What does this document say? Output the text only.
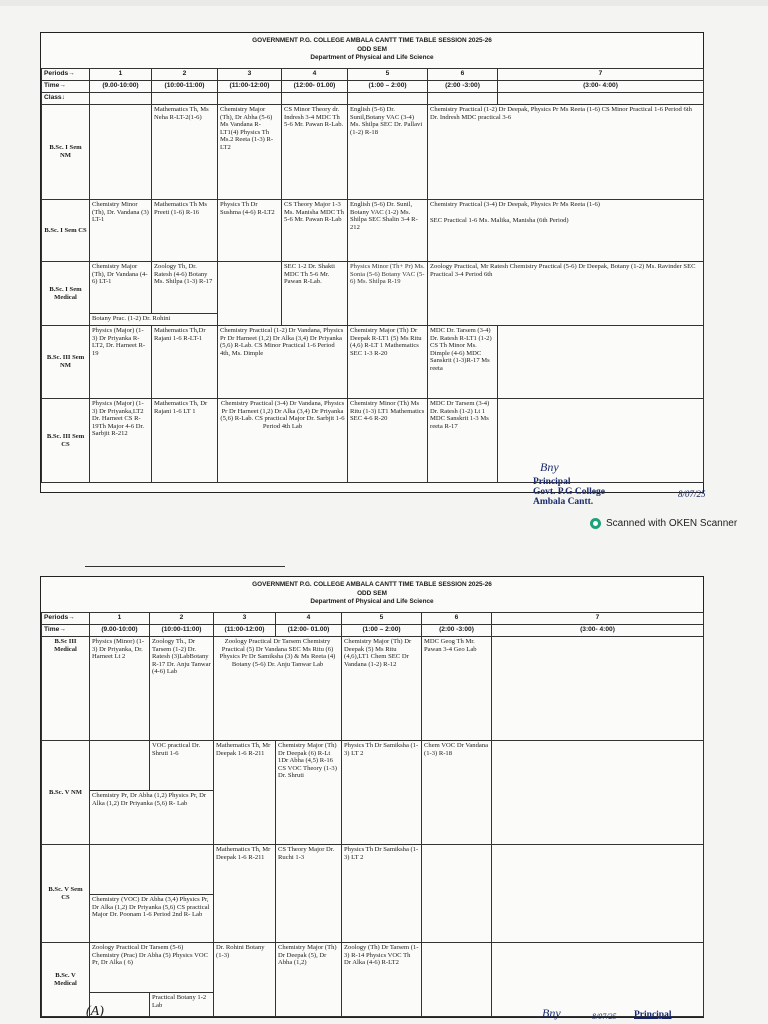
GOVERNMENT P.G. COLLEGE AMBALA CANTT TIME TABLE SESSION 2025-26
ODD SEM
Department of Physical and Life Science
Periods→	1	2	3	4	5	6	7
Time→	(9.00-10:00)	(10:00-11:00)	(11:00-12:00)	(12:00- 01.00)	(1:00 – 2:00)	(2:00 -3:00)	(3:00- 4:00)
Class↓							
B.Sc. I Sem NM		Mathematics Th, Ms Neha R-LT-2(1-6)	Chemistry Major (Th), Dr Abha (5-6) Ms Vandana R-LT1(4) Physics Th Ms.2 Reeta (1-3) R-LT2	CS Minor Theory dr. Indresh 3-4 MDC Th 5-6 Mr. Pawan R-Lab.	English (5-6) Dr. Sunil,Botany VAC (3-4) Ms. Shilpa SEC Dr. Pallavi (1-2) R-18	Chemistry Practical (1-2) Dr Deepak, Physics Pr Ms Reeta (1-6) CS Minor Practical 1-6 Period 6th Dr. Indresh MDC practical 3-6	
B.Sc. I Sem CS	Chemistry Minor (Th), Dr. Vandana (3) LT-1	Mathematics Th Ms Preeti (1-6) R-16	Physics Th Dr Sushma (4-6) R-LT2	CS Theory Major 1-3 Ms. Manisha MDC Th 5-6 Mr. Pawan R-Lab	English (5-6) Dr. Sunil, Botany VAC (1-2) Ms. Shilpa SEC Shalin 3-4 R-212	Chemistry Practical (3-4) Dr Deepak, Physics Pr Ms Reeta (1-6)
SEC Practical 1-6 Ms. Malika, Manisha (6th Period)	

B.Sc. I Sem Medical	Chemistry Major (Th), Dr Vandana (4-6) LT-1	Zoology Th, Dr. Ratesh (4-6) Botany Ms. Shilpa (1-3) R-17		SEC 1-2 Dr. Shakti MDC Th 5-6 Mr. Pawan R-Lab.	Physics Minor (Th+ Pr) Ms. Sonia (5-6) Botany VAC (5-6) Ms. Shilpa R-19	Zoology Practical, Mr Ratesh Chemistry Practical (5-6) Dr Deepak, Botany (1-2) Ms. Ravinder SEC Practical 3-4 Period 6th	
	Botany Prac. (1-2) Dr. Rohini						
B.Sc. III Sem NM	Physics (Major) (1-3) Dr Priyanka R-LT2, Dr. Harneet R-19	Mathematics Th,Dr Rajani 1-6 R-LT-1	Chemistry Practical (1-2) Dr Vandana, Physics Pr Dr Harneet (1,2) Dr Alka (3,4) Dr Priyanka (5,6) R-Lab. CS Minor Practical 1-6 Period 4th, Ms. Dimple		Chemistry Major (Th) Dr Deepak R-LT1 (5) Ms Ritu (4,6) R-LT 1 Mathematics SEC 1-3 R-20	MDC Dr. Tarsem (3-4) Dr. Ratesh R-LT1 (1-2) CS Th Minor Ms. Dimple (4-6) MDC Sanskrit (1-3)R-17 Ms reeta	
B.Sc. III Sem CS	Physics (Major) (1-3) Dr Priyanka,LT2 Dr. Harneet CS R-19Th Major 4-6 Dr. Sarbjit R-212	Mathematics Th, Dr Rajani 1-6 LT 1	Chemistry Practical (3-4) Dr Vandana, Physics Pr Dr Harneet (1,2) Dr Alka (3,4) Dr Priyanka (5,6) R-Lab. CS practical Major Dr. Sarbjit 1-6 Period 4th Lab		Chemistry Minor (Th) Ms Ritu (1-3) LT1 Mathematics SEC 4-6 R-20	MDC Dr Tarsem (3-4) Dr. Ratesh (1-2) Lt 1 MDC Sanskrit 1-3 Ms reeta R-17	
Bny
Principal
Govt. P.G College
Ambala Cantt.
8/07/25
Scanned with OKEN Scanner
GOVERNMENT P.G. COLLEGE AMBALA CANTT TIME TABLE SESSION 2025-26
ODD SEM
Department of Physical and Life Science
Periods→	1	2	3	4	5	6	7
Time→	(9.00-10:00)	(10:00-11:00)	(11:00-12:00)	(12:00- 01.00)	(1:00 – 2:00)	(2:00 -3:00)	(3:00- 4:00)
B.Sc III Medical	Physics (Minor) (1-3) Dr Priyanka, Dr. Harneet Lt 2	Zoology Th., Dr Tarsem (1-2) Dr. Ratesh (3)LabBotany R-17 Dr. Anju Tanwar (4-6) Lab	Zoology Practical Dr Tarsem Chemistry Practical (5) Dr Vandana SEC Ms Ritu (6) Physics Pr Dr Samiksha (3) & Ms Reeta (4) Botany (5-6) Dr. Anju Tanwar Lab		Chemistry Major (Th) Dr Deepak (5) Ms Ritu (4,6),LT1 Chem SEC Dr Vandana (1-2) R-12	MDC Geog Th Mr. Pawan 3-4 Geo Lab	
B.Sc. V NM		VOC practical Dr. Shruti 1-6	Mathematics Th, Mr Deepak 1-6 R-211	Chemistry Major (Th) Dr Deepak (6) R-Lt 1Dr Abha (4,5) R-16 CS VOC Theory (1-3) Dr. Shruti	Physics Th Dr Samiksha (1-3) LT 2	Chem VOC Dr Vandana (1-3) R-18	
	Chemistry Pr, Dr Abha (1,2) Physics Pr, Dr Alka (1,2) Dr Priyanka (5,6) R- Lab						
B.Sc. V Sem CS			Mathematics Th, Mr Deepak 1-6 R-211	CS Theory Major Dr. Ruchi 1-3	Physics Th Dr Samiksha (1-3) LT 2		
	Chemistry (VOC) Dr Abha (3,4) Physics Pr, Dr Alka (1,2) Dr Priyanka (5,6) CS practical Major Dr. Poonam 1-6 Period 2nd R- Lab						
B.Sc. V Medical	Zoology Practical Dr Tarsem (5-6) Chemistry (Prac) Dr Abha (5) Physics VOC Pr, Dr Alka ( 6)		Dr. Rohini Botany (1-3)	Chemistry Major (Th) Dr Deepak (5), Dr Abha (1,2)	Zoology (Th) Dr Tarsem (1-3) R-14 Physics VOC Th Dr Alka (4-6) R-LT2		
		Practical Botany 1-2 Lab					
Bny	8/07/25 Principal
(A)
